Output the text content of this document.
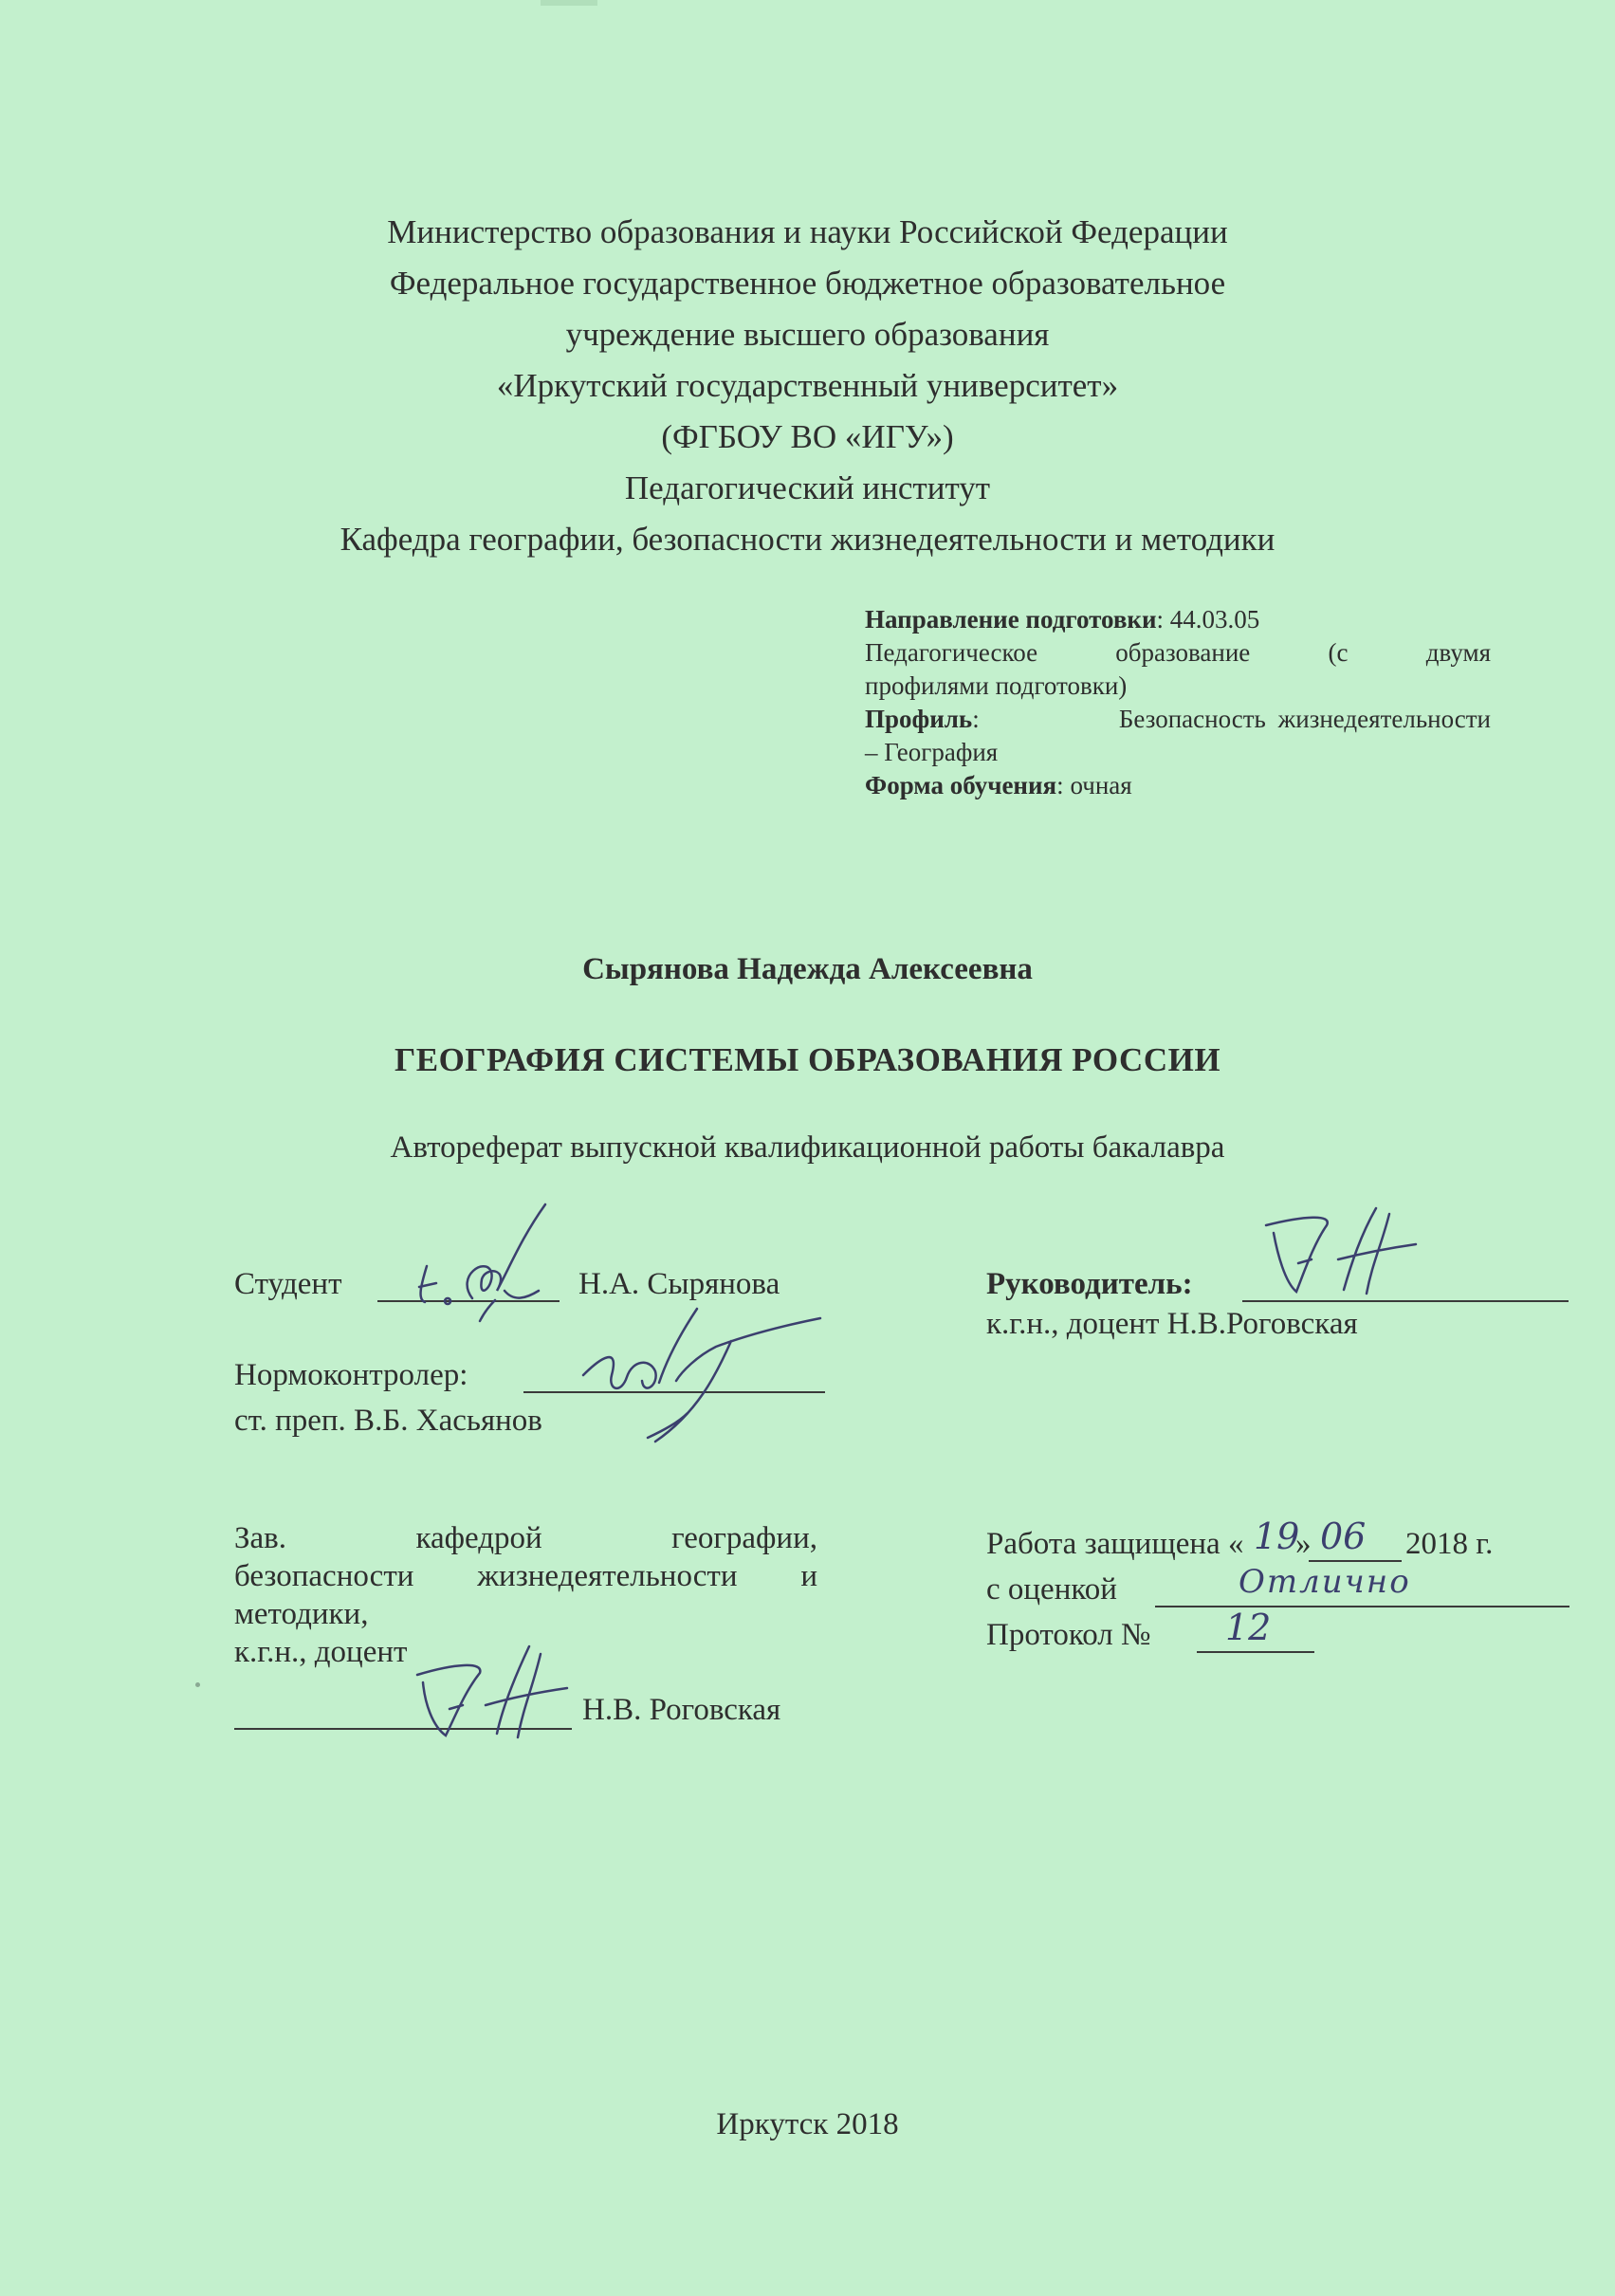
Министерство образования и науки Российской Федерации
Федеральное государственное бюджетное образовательное
учреждение высшего образования
«Иркутский государственный университет»
(ФГБОУ ВО «ИГУ»)
Педагогический институт
Кафедра географии, безопасности жизнедеятельности и методики
Направление подготовки: 44.03.05
Педагогическое образование (с двумя
профилями подготовки)
Профиль:	Безопасность жизнедеятельности
– География
Форма обучения: очная
Сырянова Надежда Алексеевна
ГЕОГРАФИЯ СИСТЕМЫ ОБРАЗОВАНИЯ РОССИИ
Автореферат выпускной квалификационной работы бакалавра
Студент	Н.А. Сырянова	Руководитель:
к.г.н., доцент Н.В.Роговская
Нормоконтролер:
ст. преп. В.Б. Хасьянов
Зав. кафедрой географии,
безопасности жизнедеятельности и
методики,
к.г.н., доцент
Н.В. Роговская
Работа защищена « 19
» 06 2018 г.
с оценкой	Отлично
Протокол № 12
Иркутск 2018
